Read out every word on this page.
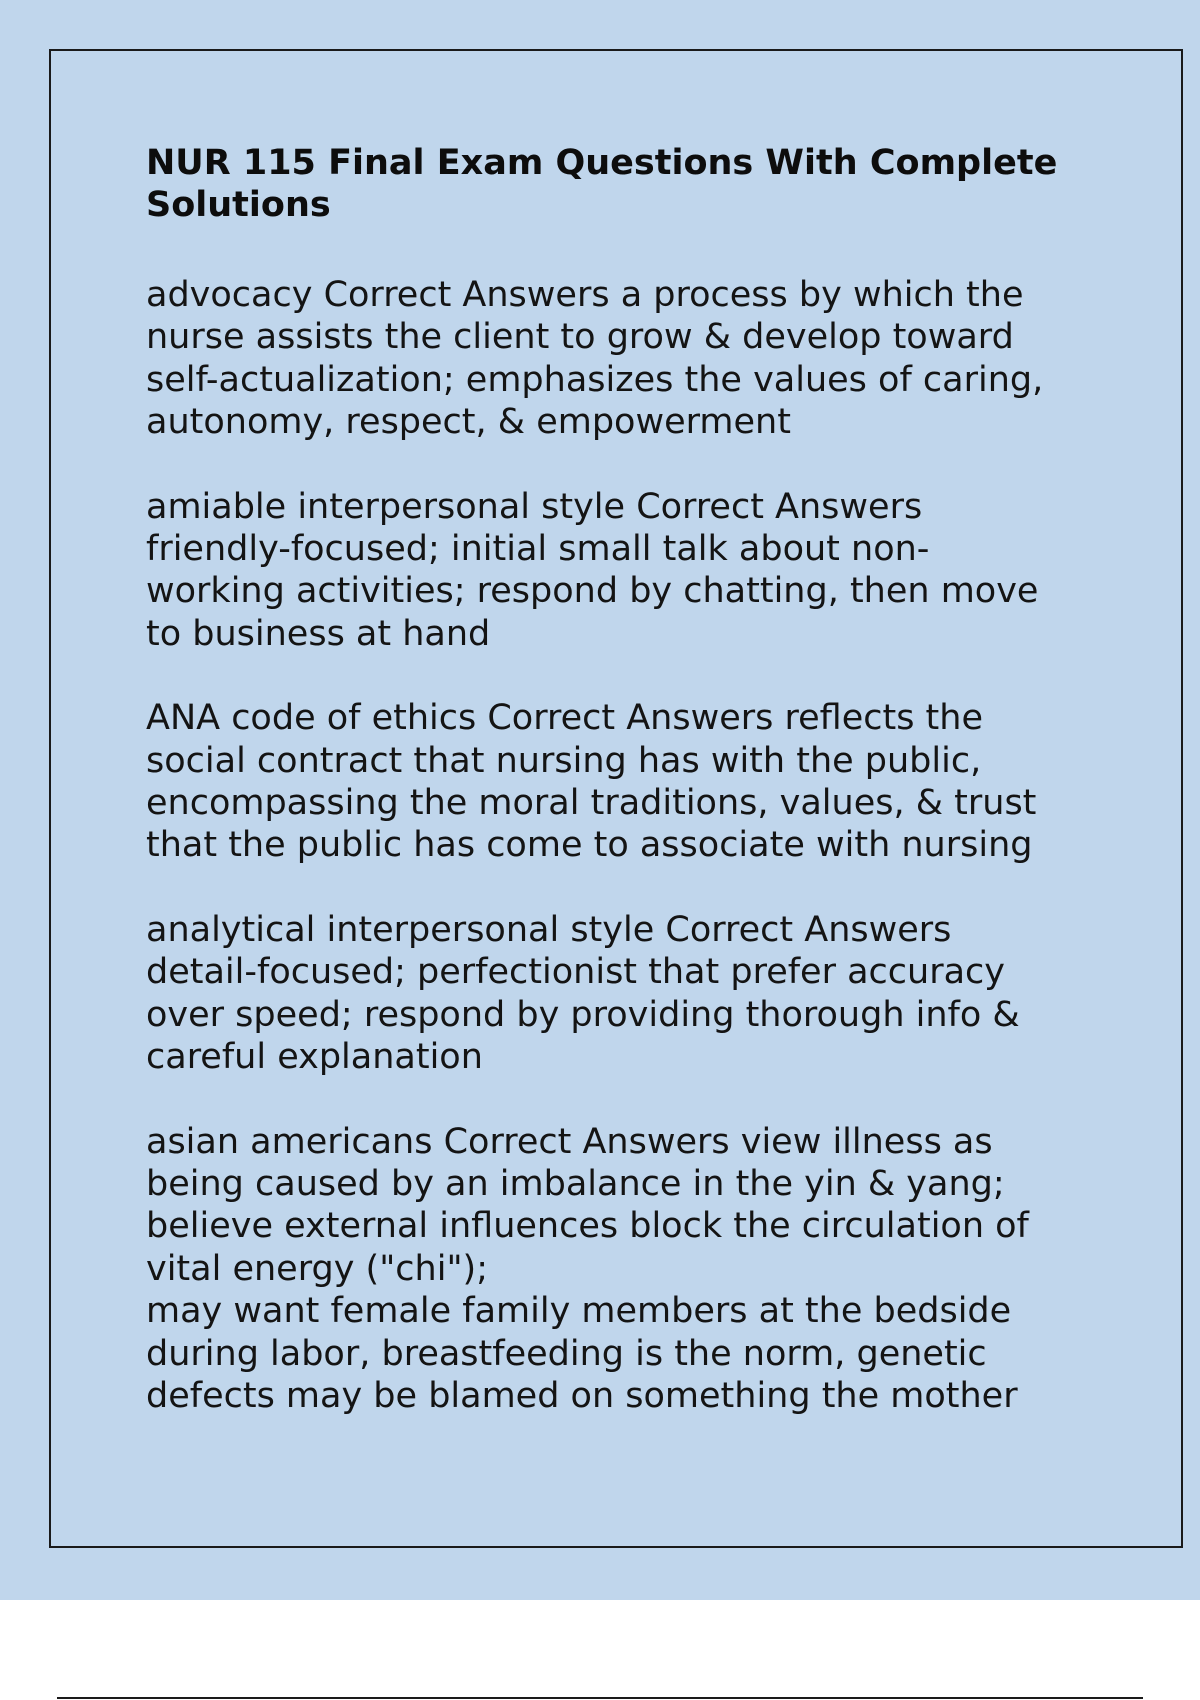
NUR 115 Final Exam Questions With Complete Solutions

advocacy Correct Answers a process by which the
nurse assists the client to grow & develop toward
self-actualization; emphasizes the values of caring,
autonomy, respect, & empowerment

amiable interpersonal style Correct Answers
friendly-focused; initial small talk about non-
working activities; respond by chatting, then move
to business at hand

ANA code of ethics Correct Answers reflects the
social contract that nursing has with the public,
encompassing the moral traditions, values, & trust
that the public has come to associate with nursing

analytical interpersonal style Correct Answers
detail-focused; perfectionist that prefer accuracy
over speed; respond by providing thorough info &
careful explanation

asian americans Correct Answers view illness as
being caused by an imbalance in the yin & yang;
believe external influences block the circulation of
vital energy ("chi");
may want female family members at the bedside
during labor, breastfeeding is the norm, genetic
defects may be blamed on something the mother
